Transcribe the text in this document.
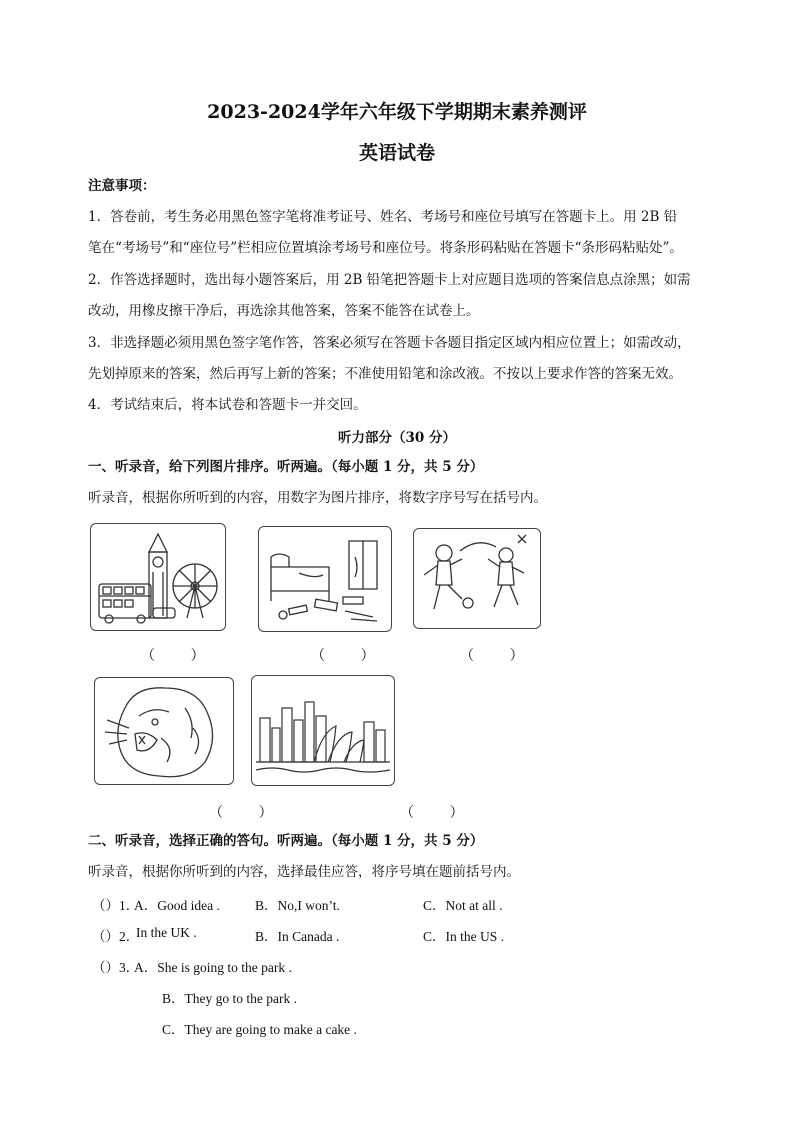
2023-2024学年六年级下学期期末素养测评
英语试卷
注意事项：
1．答卷前，考生务必用黑色签字笔将准考证号、姓名、考场号和座位号填写在答题卡上。用 2B 铅
笔在“考场号”和“座位号”栏相应位置填涂考场号和座位号。将条形码粘贴在答题卡“条形码粘贴处”。
2．作答选择题时，选出每小题答案后，用 2B 铅笔把答题卡上对应题目选项的答案信息点涂黑；如需
改动，用橡皮擦干净后，再选涂其他答案，答案不能答在试卷上。
3．非选择题必须用黑色签字笔作答，答案必须写在答题卡各题目指定区域内相应位置上；如需改动，
先划掉原来的答案，然后再写上新的答案；不准使用铅笔和涂改液。不按以上要求作答的答案无效。
4．考试结束后，将本试卷和答题卡一并交回。
听力部分（30 分）
一、听录音，给下列图片排序。听两遍。（每小题 1 分，共 5 分）
听录音，根据你所听到的内容，用数字为图片排序，将数字序号写在括号内。
（        ）	（        ）	（        ）
（        ）	（        ）
二、听录音，选择正确的答句。听两遍。（每小题 1 分，共 5 分）
听录音，根据你所听到的内容，选择最佳应答，将序号填在题前括号内。
（）1．
A．Good idea .	B．No,I won’t.	C．Not at all .
（）2．
In the UK .	B．In Canada .	C．In the US .
（）3．
A．She is going to the park .
B．They go to the park .
C．They are going to make a cake .
